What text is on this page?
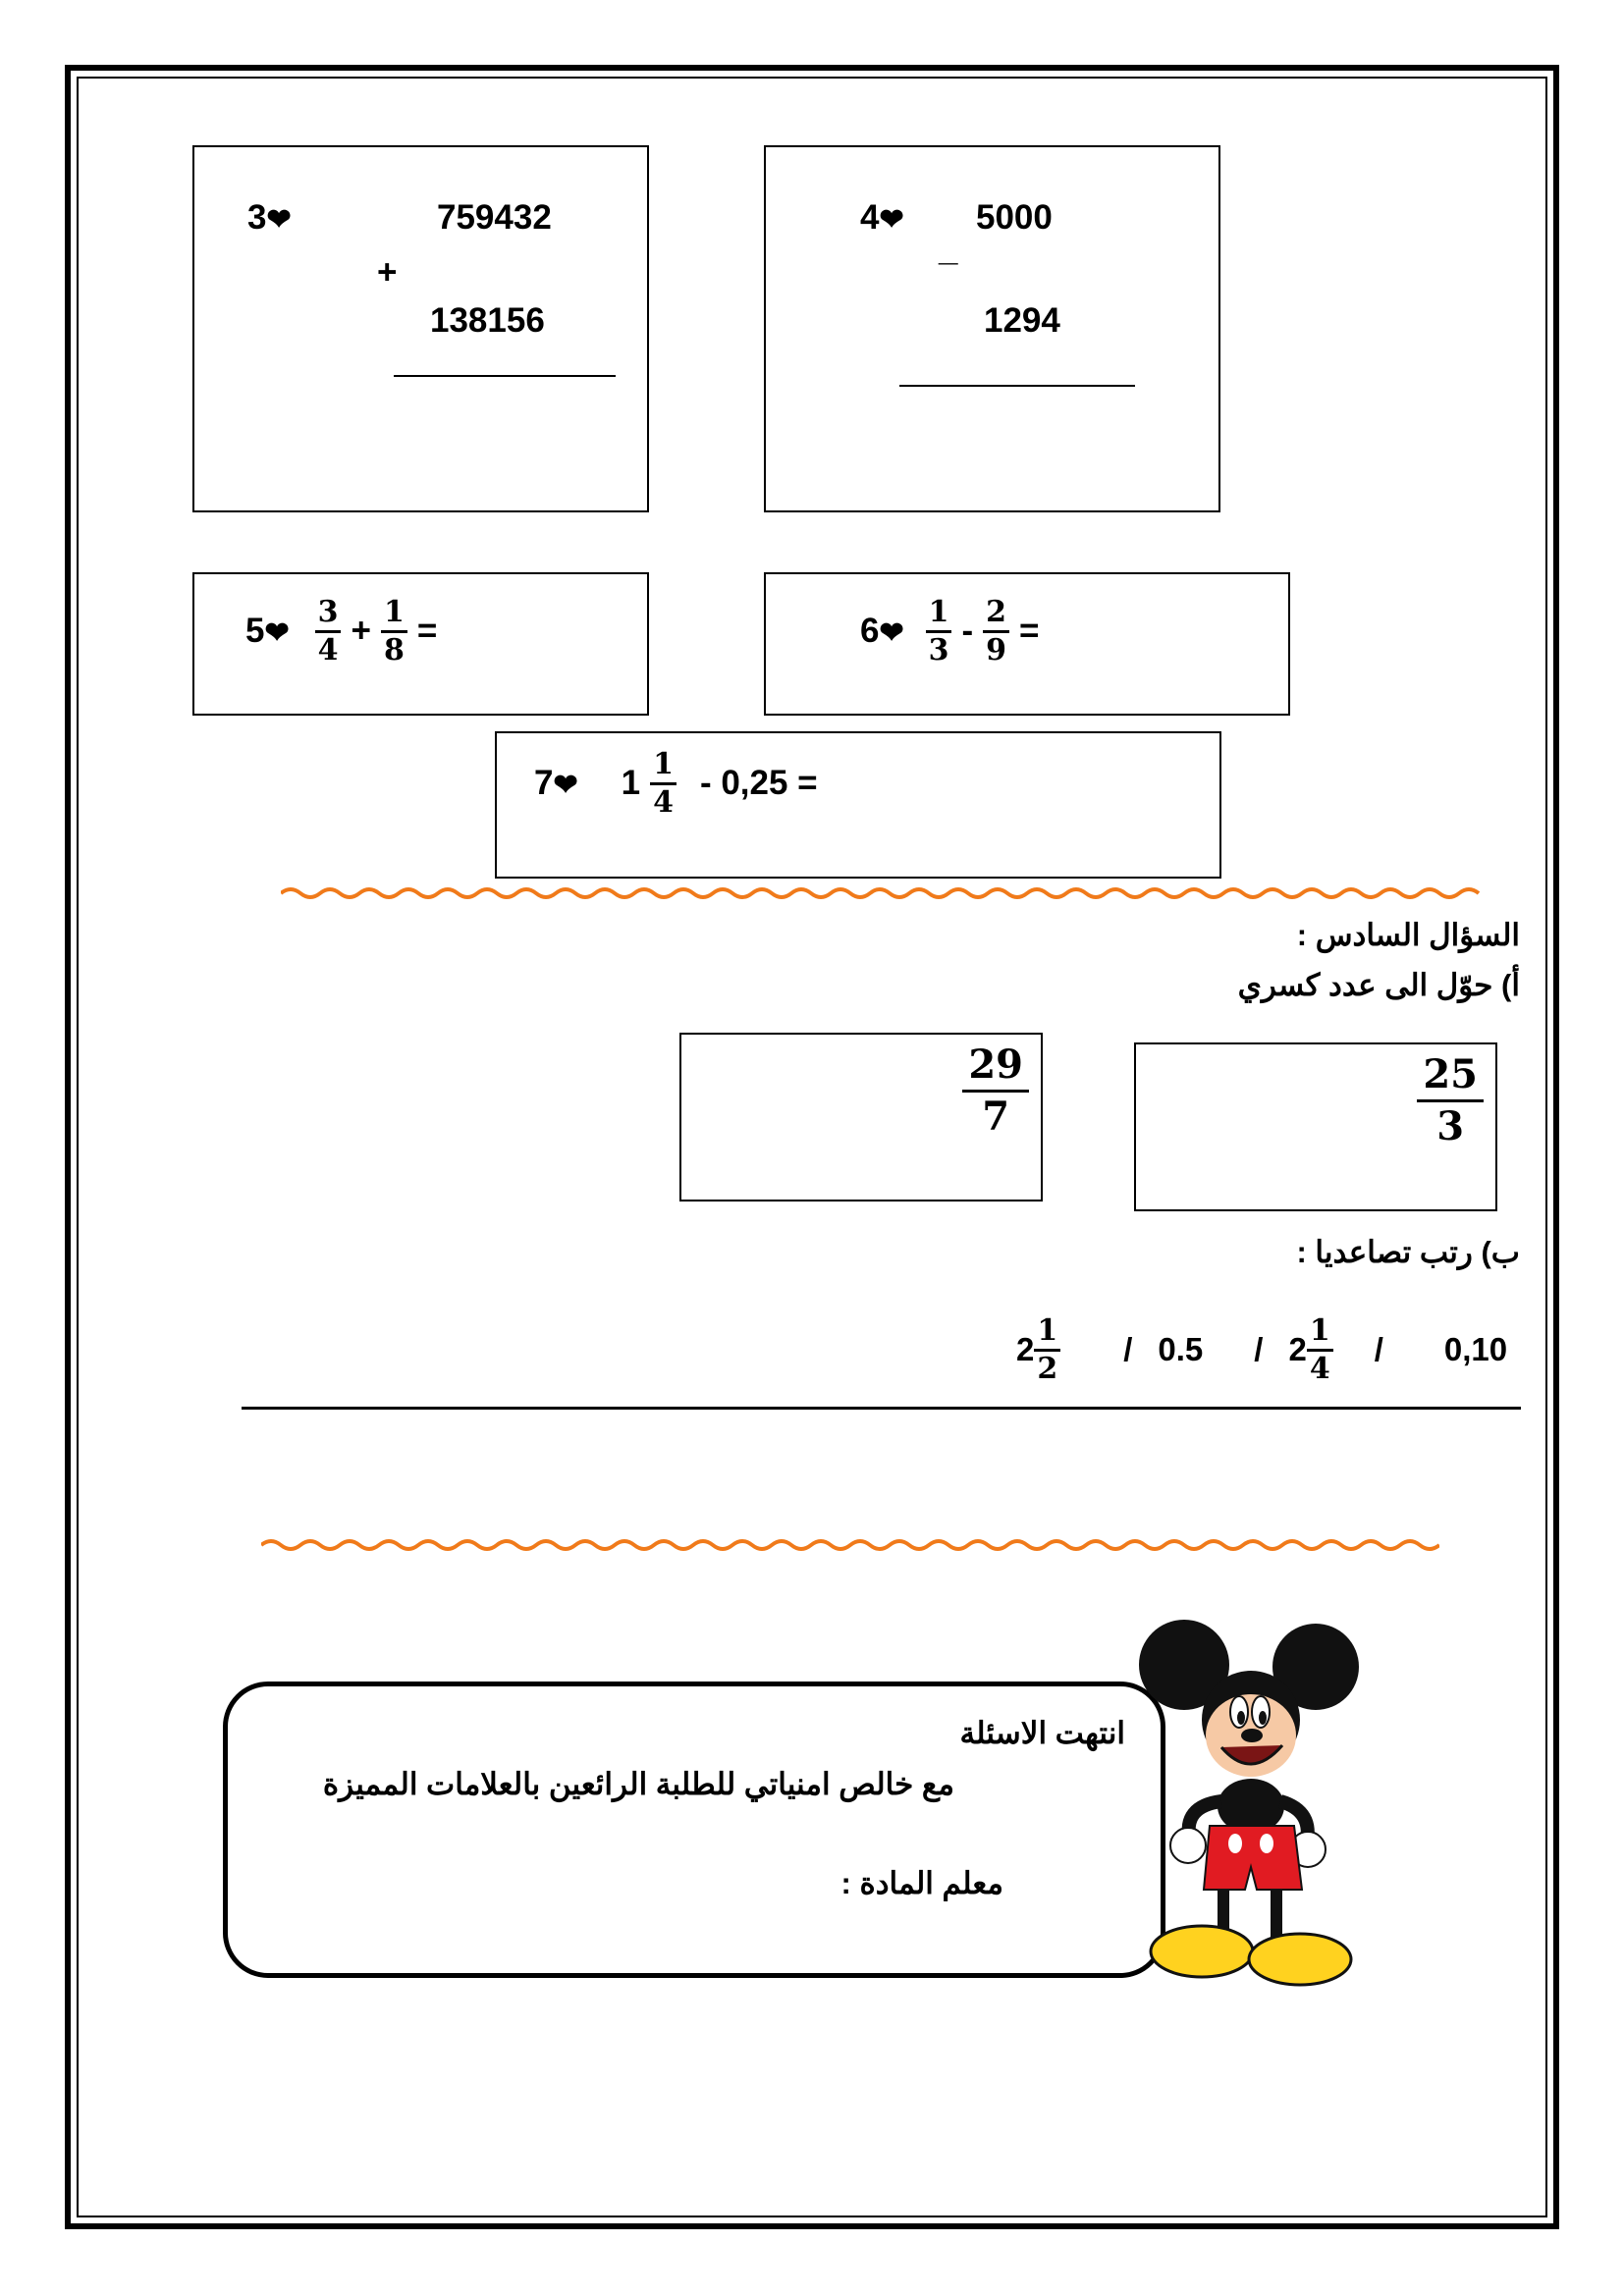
3❤	759432
+
138156
4❤ 5000
_
1294
5❤ $\frac{3}{4} + \frac{1}{8}$ =	6❤ $\frac{1}{3} - \frac{2}{9}$ =
7❤ $1 \frac{1}{4} - 0,25$ =
السؤال السادس :
أ) حوّل الى عدد كسري
$\frac{29}{7}$	$\frac{25}{3}$
ب) رتب تصاعديا :
$2 \frac{1}{2} / 0.5 / 2 \frac{1}{4} / 0,10$
انتهت الاسئلة
مع خالص امنياتي للطلبة الرائعين بالعلامات المميزة
معلم المادة :
